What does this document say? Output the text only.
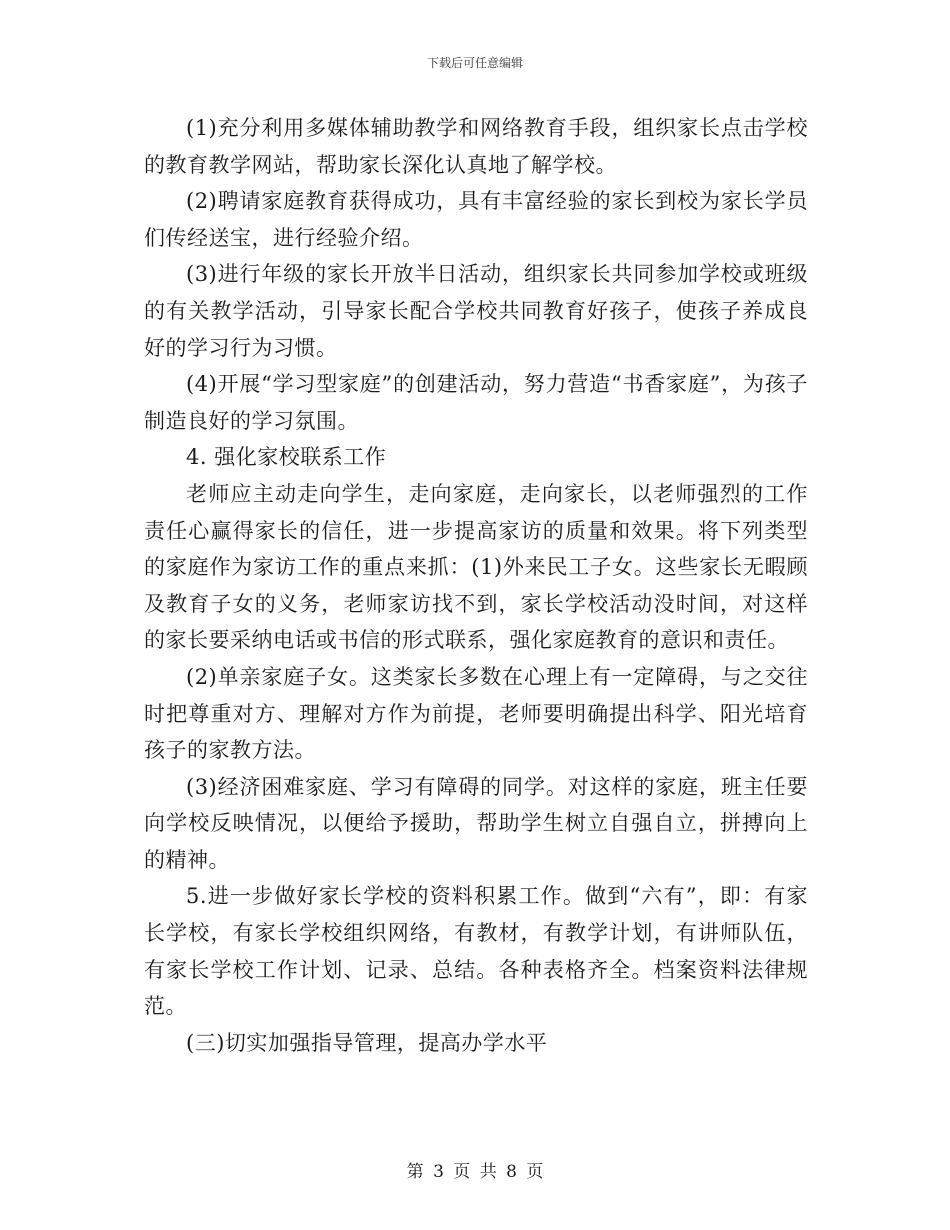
下载后可任意编辑

(1)充分利用多媒体辅助教学和网络教育手段，组织家长点击学校的教育教学网站，帮助家长深化认真地了解学校。

(2)聘请家庭教育获得成功，具有丰富经验的家长到校为家长学员们传经送宝，进行经验介绍。

(3)进行年级的家长开放半日活动，组织家长共同参加学校或班级的有关教学活动，引导家长配合学校共同教育好孩子，使孩子养成良好的学习行为习惯。

(4)开展“学习型家庭”的创建活动，努力营造“书香家庭”，为孩子制造良好的学习氛围。

4. 强化家校联系工作

老师应主动走向学生，走向家庭，走向家长，以老师强烈的工作责任心赢得家长的信任，进一步提高家访的质量和效果。将下列类型的家庭作为家访工作的重点来抓：(1)外来民工子女。这些家长无暇顾及教育子女的义务，老师家访找不到，家长学校活动没时间，对这样的家长要采纳电话或书信的形式联系，强化家庭教育的意识和责任。

(2)单亲家庭子女。这类家长多数在心理上有一定障碍，与之交往时把尊重对方、理解对方作为前提，老师要明确提出科学、阳光培育孩子的家教方法。

(3)经济困难家庭、学习有障碍的同学。对这样的家庭，班主任要向学校反映情况，以便给予援助，帮助学生树立自强自立，拼搏向上的精神。

5.进一步做好家长学校的资料积累工作。做到“六有”，即：有家长学校，有家长学校组织网络，有教材，有教学计划，有讲师队伍，有家长学校工作计划、记录、总结。各种表格齐全。档案资料法律规范。

(三)切实加强指导管理，提高办学水平

第 3 页 共 8 页
